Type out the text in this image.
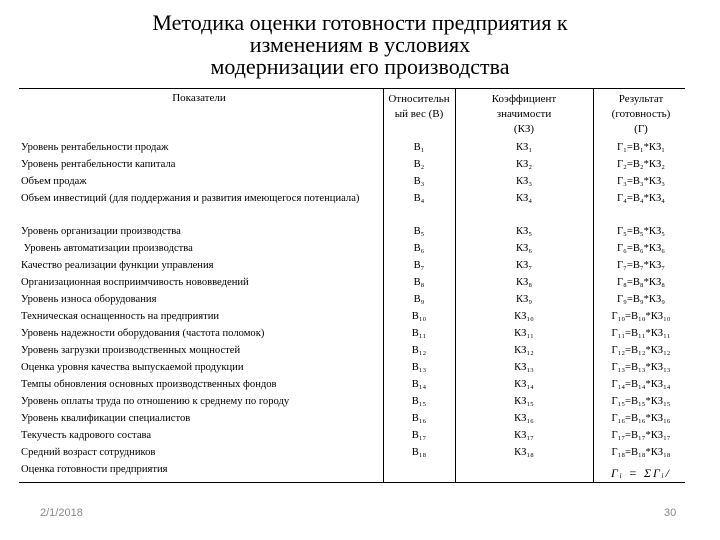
Методика оценки готовности предприятия к
изменениям в условиях
модернизации его производства
Показатели	Относительн
ый вес (В)
Коэффициент
значимости
(КЗ)
Результат
(готовность)
(Г)
Уровень рентабельности продаж
Уровень рентабельности капитала
Объем продаж
Объем инвестиций (для поддержания и развития имеющегося потенциала)
Уровень организации производства
Уровень автоматизации производства
Качество реализации функции управления
Организационная восприимчивость нововведений
Уровень износа оборудования
Техническая оснащенность на предприятии
Уровень надежности оборудования (частота поломок)
Уровень загрузки производственных мощностей
Оценка уровня качества выпускаемой продукции
Темпы обновления основных производственных фондов
Уровень оплаты труда по отношению к среднему по городу
Уровень квалификации специалистов
Текучесть кадрового состава
Средний возраст сотрудников
Оценка готовности предприятия
В₁
В₂
В₃
В₄
В₅
В₆
В₇
В₈
В₉
В₁₀
В₁₁
В₁₂
В₁₃
В₁₄
В₁₅
В₁₆
В₁₇
В₁₈
КЗ₁
КЗ₂
КЗ₃
КЗ₄
КЗ₅
КЗ₆
КЗ₇
КЗ₈
КЗ₉
КЗ₁₀
КЗ₁₁
КЗ₁₂
КЗ₁₃
КЗ₁₄
КЗ₁₅
КЗ₁₆
КЗ₁₇
КЗ₁₈
Г₁=В₁*КЗ₁
Г₂=В₂*КЗ₂
Г₃=В₃*КЗ₃
Г₄=В₄*КЗ₄
Г₅=В₅*КЗ₅
Г₆=В₆*КЗ₆
Г₇=В₇*КЗ₇
Г₈=В₈*КЗ₈
Г₉=В₉*КЗ₉
Г₁₀=В₁₀*КЗ₁₀
Г₁₁=В₁₁*КЗ₁₁
Г₁₂=В₁₂*КЗ₁₂
Г₁₃=В₁₃*КЗ₁₃
Г₁₄=В₁₄*КЗ₁₄
Г₁₅=В₁₅*КЗ₁₅
Г₁₆=В₁₆*КЗ₁₆
Г₁₇=В₁₇*КЗ₁₇
Г₁₈=В₁₈*КЗ₁₈
Гᵢ = ΣГᵢ/
2/1/2018	30
